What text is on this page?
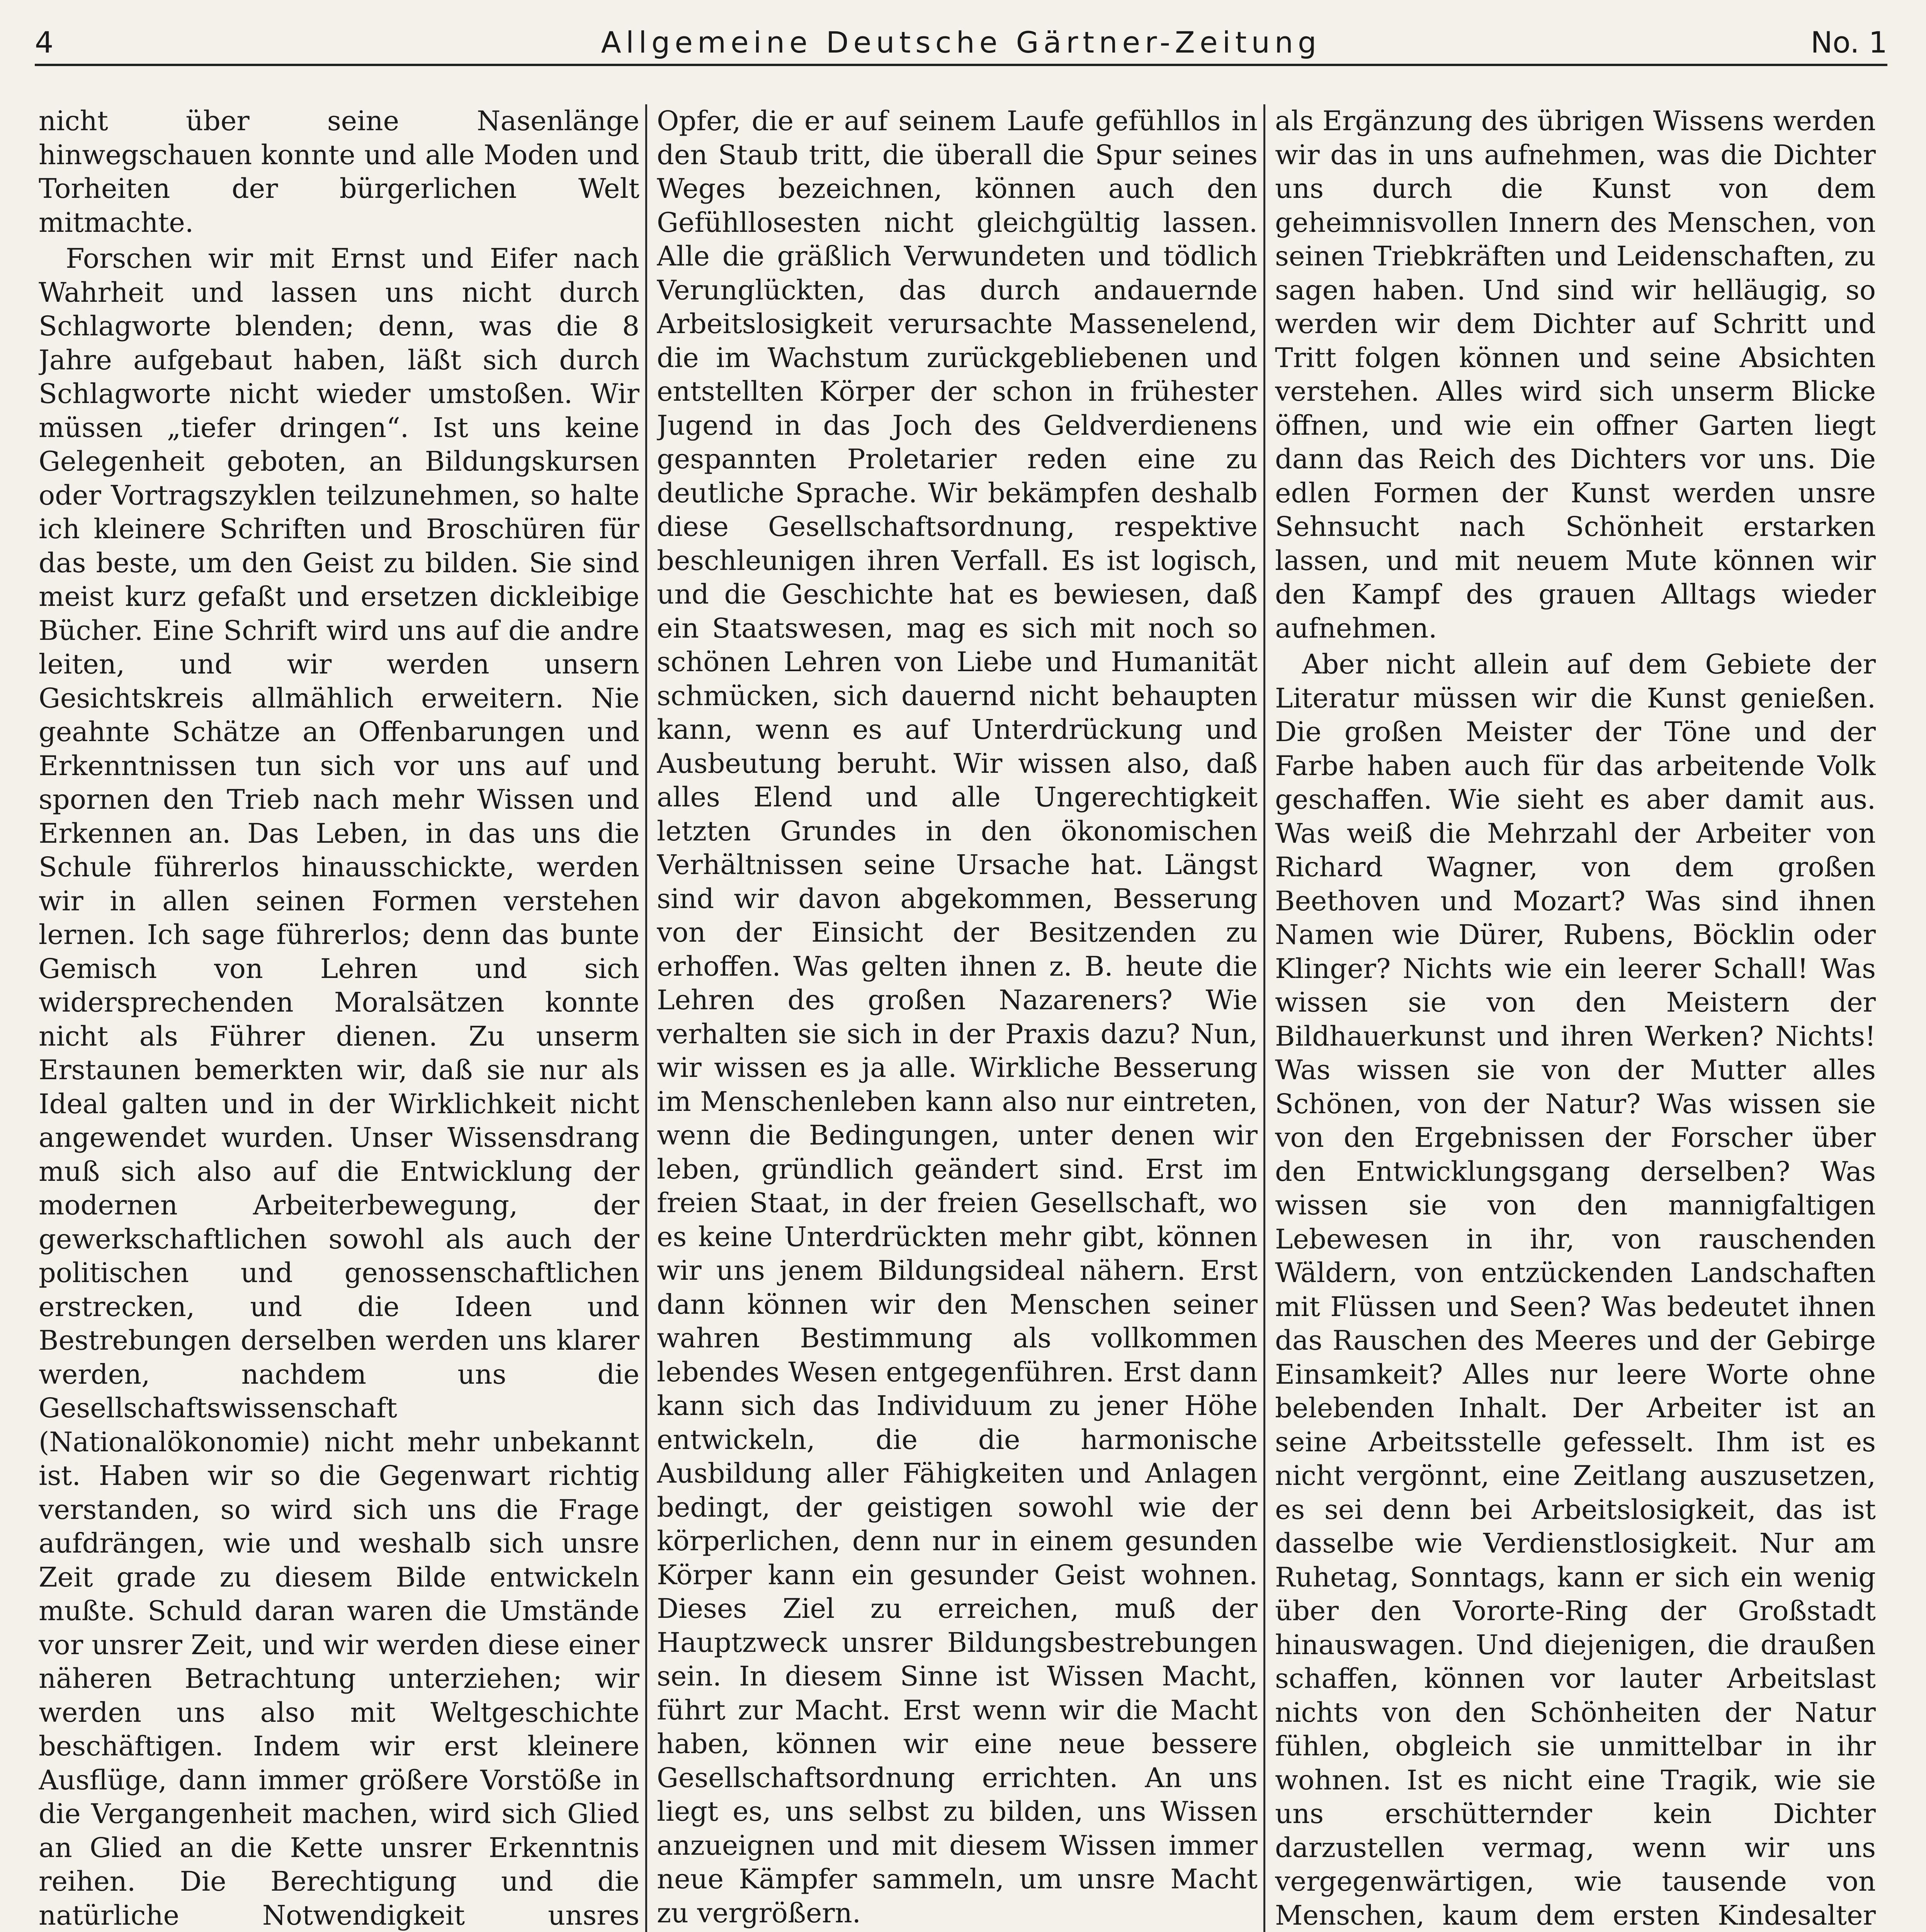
4	Allgemeine Deutsche Gärtner-Zeitung	No. 1

nicht über seine Nasenlänge hinwegschauen konnte und alle Moden und Torheiten der bürgerlichen Welt mitmachte.

Forschen wir mit Ernst und Eifer nach Wahrheit und lassen uns nicht durch Schlagworte blenden; denn, was die 8 Jahre aufgebaut haben, läßt sich durch Schlagworte nicht wieder umstoßen. Wir müssen „tiefer dringen“. Ist uns keine Gelegenheit geboten, an Bildungskursen oder Vortragszyklen teilzunehmen, so halte ich kleinere Schriften und Broschüren für das beste, um den Geist zu bilden. Sie sind meist kurz gefaßt und ersetzen dickleibige Bücher. Eine Schrift wird uns auf die andre leiten, und wir werden unsern Gesichtskreis allmählich erweitern. Nie geahnte Schätze an Offenbarungen und Erkenntnissen tun sich vor uns auf und spornen den Trieb nach mehr Wissen und Erkennen an. Das Leben, in das uns die Schule führerlos hinausschickte, werden wir in allen seinen Formen verstehen lernen. Ich sage führerlos; denn das bunte Gemisch von Lehren und sich widersprechenden Moralsätzen konnte nicht als Führer dienen. Zu unserm Erstaunen bemerkten wir, daß sie nur als Ideal galten und in der Wirklichkeit nicht angewendet wurden. Unser Wissensdrang muß sich also auf die Entwicklung der modernen Arbeiterbewegung, der gewerkschaftlichen sowohl als auch der politischen und genossenschaftlichen erstrecken, und die Ideen und Bestrebungen derselben werden uns klarer werden, nachdem uns die Gesellschaftswissenschaft (Nationalökonomie) nicht mehr unbekannt ist. Haben wir so die Gegenwart richtig verstanden, so wird sich uns die Frage aufdrängen, wie und weshalb sich unsre Zeit grade zu diesem Bilde entwickeln mußte. Schuld daran waren die Umstände vor unsrer Zeit, und wir werden diese einer näheren Betrachtung unterziehen; wir werden uns also mit Weltgeschichte beschäftigen. Indem wir erst kleinere Ausflüge, dann immer größere Vorstöße in die Vergangenheit machen, wird sich Glied an Glied an die Kette unsrer Erkenntnis reihen. Die Berechtigung und die natürliche Notwendigkeit unsres

Opfer, die er auf seinem Laufe gefühllos in den Staub tritt, die überall die Spur seines Weges bezeichnen, können auch den Gefühllosesten nicht gleichgültig lassen. Alle die gräßlich Verwundeten und tödlich Verunglückten, das durch andauernde Arbeitslosigkeit verursachte Massenelend, die im Wachstum zurückgebliebenen und entstellten Körper der schon in frühester Jugend in das Joch des Geldverdienens gespannten Proletarier reden eine zu deutliche Sprache. Wir bekämpfen deshalb diese Gesellschaftsordnung, respektive beschleunigen ihren Verfall. Es ist logisch, und die Geschichte hat es bewiesen, daß ein Staatswesen, mag es sich mit noch so schönen Lehren von Liebe und Humanität schmücken, sich dauernd nicht behaupten kann, wenn es auf Unterdrückung und Ausbeutung beruht. Wir wissen also, daß alles Elend und alle Ungerechtigkeit letzten Grundes in den ökonomischen Verhältnissen seine Ursache hat. Längst sind wir davon abgekommen, Besserung von der Einsicht der Besitzenden zu erhoffen. Was gelten ihnen z. B. heute die Lehren des großen Nazareners? Wie verhalten sie sich in der Praxis dazu? Nun, wir wissen es ja alle. Wirkliche Besserung im Menschenleben kann also nur eintreten, wenn die Bedingungen, unter denen wir leben, gründlich geändert sind. Erst im freien Staat, in der freien Gesellschaft, wo es keine Unterdrückten mehr gibt, können wir uns jenem Bildungsideal nähern. Erst dann können wir den Menschen seiner wahren Bestimmung als vollkommen lebendes Wesen entgegenführen. Erst dann kann sich das Individuum zu jener Höhe entwickeln, die die harmonische Ausbildung aller Fähigkeiten und Anlagen bedingt, der geistigen sowohl wie der körperlichen, denn nur in einem gesunden Körper kann ein gesunder Geist wohnen. Dieses Ziel zu erreichen, muß der Hauptzweck unsrer Bildungsbestrebungen sein. In diesem Sinne ist Wissen Macht, führt zur Macht. Erst wenn wir die Macht haben, können wir eine neue bessere Gesellschaftsordnung errichten. An uns liegt es, uns selbst zu bilden, uns Wissen anzueignen und mit diesem Wissen immer neue Kämpfer sammeln, um unsre Macht zu vergrößern.

als Ergänzung des übrigen Wissens werden wir das in uns aufnehmen, was die Dichter uns durch die Kunst von dem geheimnisvollen Innern des Menschen, von seinen Triebkräften und Leidenschaften, zu sagen haben. Und sind wir helläugig, so werden wir dem Dichter auf Schritt und Tritt folgen können und seine Absichten verstehen. Alles wird sich unserm Blicke öffnen, und wie ein offner Garten liegt dann das Reich des Dichters vor uns. Die edlen Formen der Kunst werden unsre Sehnsucht nach Schönheit erstarken lassen, und mit neuem Mute können wir den Kampf des grauen Alltags wieder aufnehmen.

Aber nicht allein auf dem Gebiete der Literatur müssen wir die Kunst genießen. Die großen Meister der Töne und der Farbe haben auch für das arbeitende Volk geschaffen. Wie sieht es aber damit aus. Was weiß die Mehrzahl der Arbeiter von Richard Wagner, von dem großen Beethoven und Mozart? Was sind ihnen Namen wie Dürer, Rubens, Böcklin oder Klinger? Nichts wie ein leerer Schall! Was wissen sie von den Meistern der Bildhauerkunst und ihren Werken? Nichts! Was wissen sie von der Mutter alles Schönen, von der Natur? Was wissen sie von den Ergebnissen der Forscher über den Entwicklungsgang derselben? Was wissen sie von den mannigfaltigen Lebewesen in ihr, von rauschenden Wäldern, von entzückenden Landschaften mit Flüssen und Seen? Was bedeutet ihnen das Rauschen des Meeres und der Gebirge Einsamkeit? Alles nur leere Worte ohne belebenden Inhalt. Der Arbeiter ist an seine Arbeitsstelle gefesselt. Ihm ist es nicht vergönnt, eine Zeitlang auszusetzen, es sei denn bei Arbeitslosigkeit, das ist dasselbe wie Verdienstlosigkeit. Nur am Ruhetag, Sonntags, kann er sich ein wenig über den Vororte-Ring der Großstadt hinauswagen. Und diejenigen, die draußen schaffen, können vor lauter Arbeitslast nichts von den Schönheiten der Natur fühlen, obgleich sie unmittelbar in ihr wohnen. Ist es nicht eine Tragik, wie sie uns erschütternder kein Dichter darzustellen vermag, wenn wir uns vergegenwärtigen, wie tausende von Menschen, kaum dem ersten Kindesalter
